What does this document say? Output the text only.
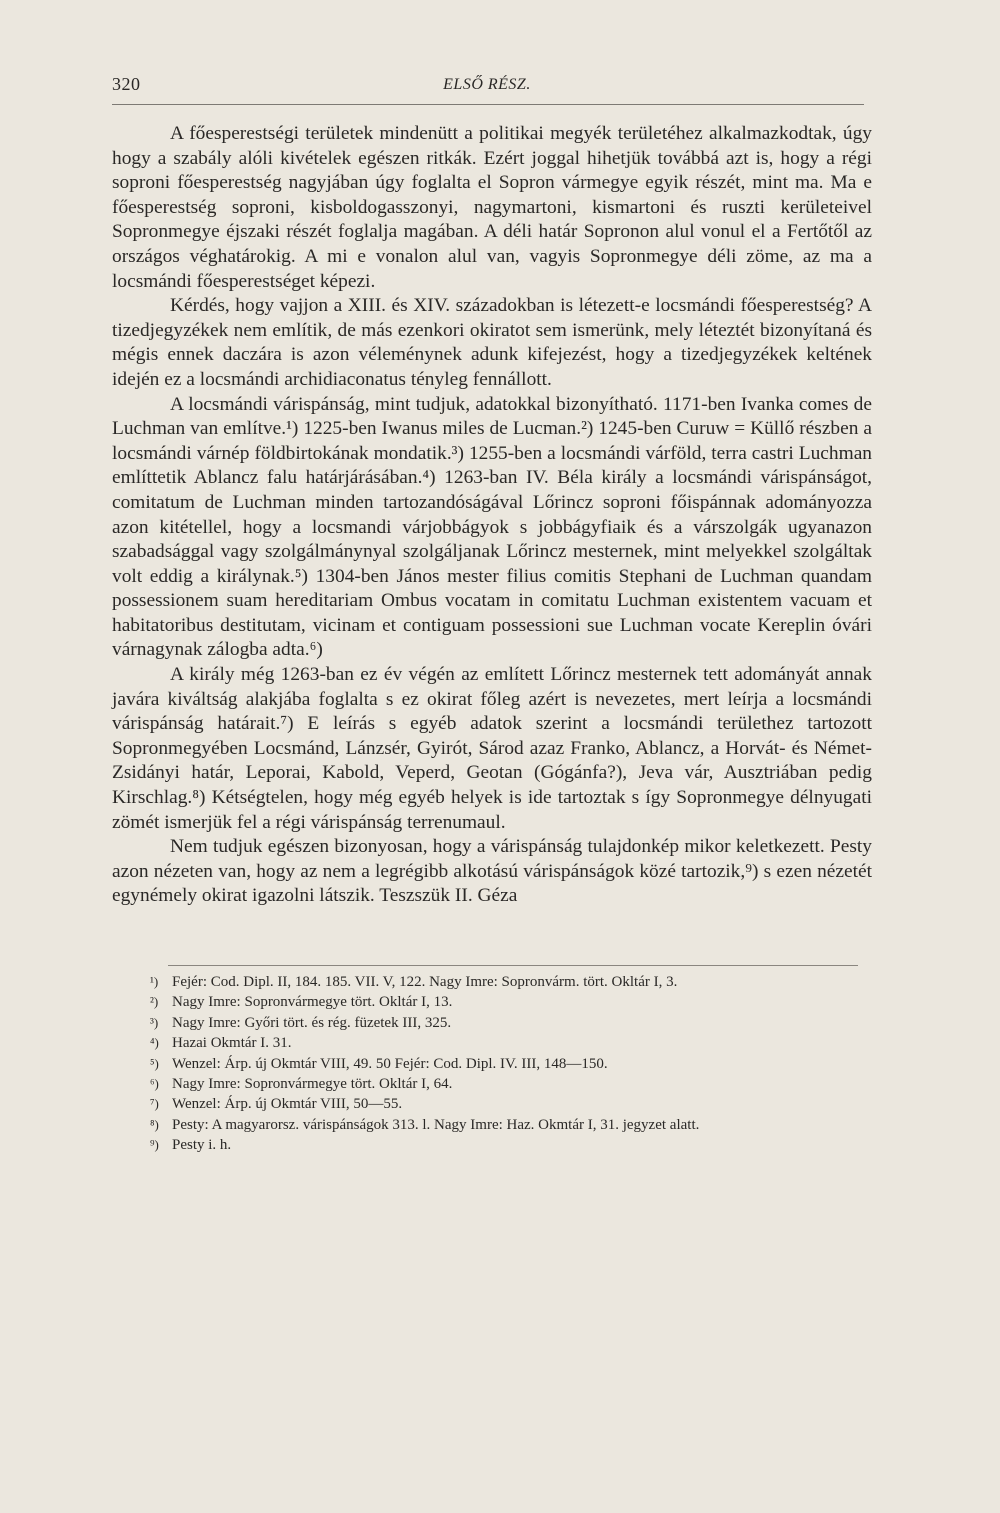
320	ELSŐ RÉSZ.

A főesperestségi területek mindenütt a politikai megyék területéhez alkalmazkodtak, úgy hogy a szabály alóli kivételek egészen ritkák. Ezért joggal hihetjük továbbá azt is, hogy a régi soproni főesperestség nagyjában úgy foglalta el Sopron vármegye egyik részét, mint ma. Ma e főesperestség soproni, kisboldogasszonyi, nagymartoni, kismartoni és ruszti kerületeivel Sopronmegye éjszaki részét foglalja magában. A déli határ Sopronon alul vonul el a Fertőtől az országos véghatárokig. A mi e vonalon alul van, vagyis Sopronmegye déli zöme, az ma a locsmándi főesperestséget képezi.

Kérdés, hogy vajjon a XIII. és XIV. századokban is létezett-e locsmándi főesperestség? A tizedjegyzékek nem említik, de más ezenkori okiratot sem ismerünk, mely léteztét bizonyítaná és mégis ennek daczára is azon véleménynek adunk kifejezést, hogy a tizedjegyzékek keltének idején ez a locsmándi archidiaconatus tényleg fennállott.

A locsmándi várispánság, mint tudjuk, adatokkal bizonyítható. 1171-ben Ivanka comes de Luchman van említve.¹) 1225-ben Iwanus miles de Lucman.²) 1245-ben Curuw = Küllő részben a locsmándi várnép földbirtokának mondatik.³) 1255-ben a locsmándi várföld, terra castri Luchman említtetik Ablancz falu határjárásában.⁴) 1263-ban IV. Béla király a locsmándi várispánságot, comitatum de Luchman minden tartozandóságával Lőrincz soproni főispánnak adományozza azon kitétellel, hogy a locsmandi várjobbágyok s jobbágyfiaik és a várszolgák ugyanazon szabadsággal vagy szolgálmánynyal szolgáljanak Lőrincz mesternek, mint melyekkel szolgáltak volt eddig a királynak.⁵) 1304-ben János mester filius comitis Stephani de Luchman quandam possessionem suam hereditariam Ombus vocatam in comitatu Luchman existentem vacuam et habitatoribus destitutam, vicinam et contiguam possessioni sue Luchman vocate Kereplin óvári várnagynak zálogba adta.⁶)

A király még 1263-ban ez év végén az említett Lőrincz mesternek tett adományát annak javára kiváltság alakjába foglalta s ez okirat főleg azért is nevezetes, mert leírja a locsmándi várispánság határait.⁷) E leírás s egyéb adatok szerint a locsmándi területhez tartozott Sopronmegyében Locsmánd, Lánzsér, Gyirót, Sárod azaz Franko, Ablancz, a Horvát- és Német-Zsidányi határ, Leporai, Kabold, Veperd, Geotan (Gógánfa?), Jeva vár, Ausztriában pedig Kirschlag.⁸) Kétségtelen, hogy még egyéb helyek is ide tartoztak s így Sopronmegye délnyugati zömét ismerjük fel a régi várispánság terrenumaul.

Nem tudjuk egészen bizonyosan, hogy a várispánság tulajdonkép mikor keletkezett. Pesty azon nézeten van, hogy az nem a legrégibb alkotású várispánságok közé tartozik,⁹) s ezen nézetét egynémely okirat igazolni látszik. Teszszük II. Géza

¹) Fejér: Cod. Dipl. II, 184. 185. VII. V, 122. Nagy Imre: Sopronvárm. tört. Okltár I, 3.
²) Nagy Imre: Sopronvármegye tört. Okltár I, 13.
³) Nagy Imre: Győri tört. és rég. füzetek III, 325.
⁴) Hazai Okmtár I. 31.
⁵) Wenzel: Árp. új Okmtár VIII, 49. 50 Fejér: Cod. Dipl. IV. III, 148—150.
⁶) Nagy Imre: Sopronvármegye tört. Okltár I, 64.
⁷) Wenzel: Árp. új Okmtár VIII, 50—55.
⁸) Pesty: A magyarorsz. várispánságok 313. l. Nagy Imre: Haz. Okmtár I, 31. jegyzet alatt.
⁹) Pesty i. h.
